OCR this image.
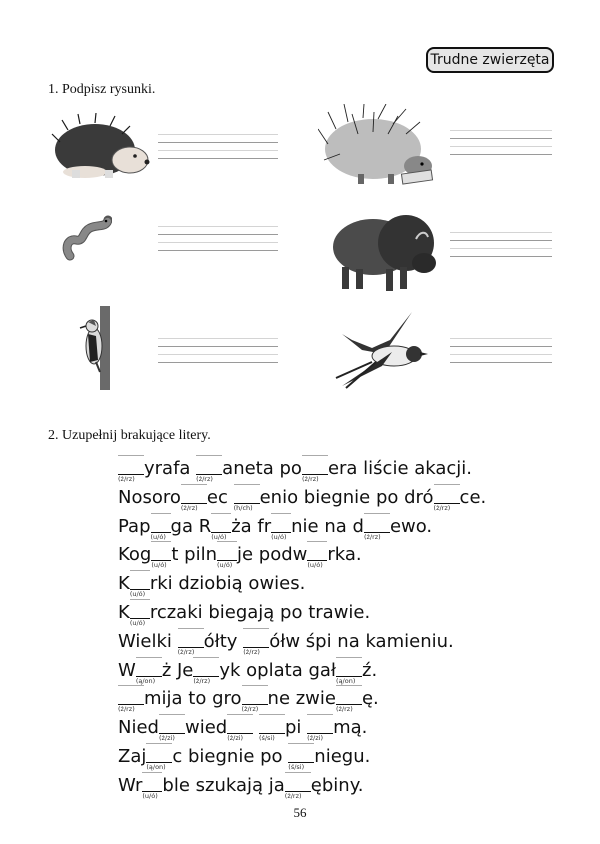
Trudne zwierzęta
1. Podpisz rysunki.
2. Uzupełnij brakujące litery.
(ż/rz) yrafa (ż/rz) aneta po (ż/rz) era liście akacji.
Nosoro (ż/rz) ec (h/ch) enio biegnie po dró (ż/rz) ce.
Pap (u/ó) ga R (u/ó) ża fr (u/ó) nie na d (ż/rz) ewo.
Kog (u/ó) t piln (u/ó) je podw (u/ó) rka.
K (u/ó) rki dziobią owies.
K (u/ó) rczaki biegają po trawie.
Wielki (ż/rz) ółty (ż/rz) ółw śpi na kamieniu.
W (ą/on) ż Je (ż/rz) yk oplata gał (ą/on) ź.
(ż/rz) mija to gro (ż/rz) ne zwie (ż/rz) ę.
Nied (ż/zi) wied (ż/zi)
(ś/si) pi (ź/zi) mą.
Zaj (ą/on) c biegnie po (ś/si) niegu.
Wr (u/ó) ble szukają ja (ż/rz) ębiny.
56
